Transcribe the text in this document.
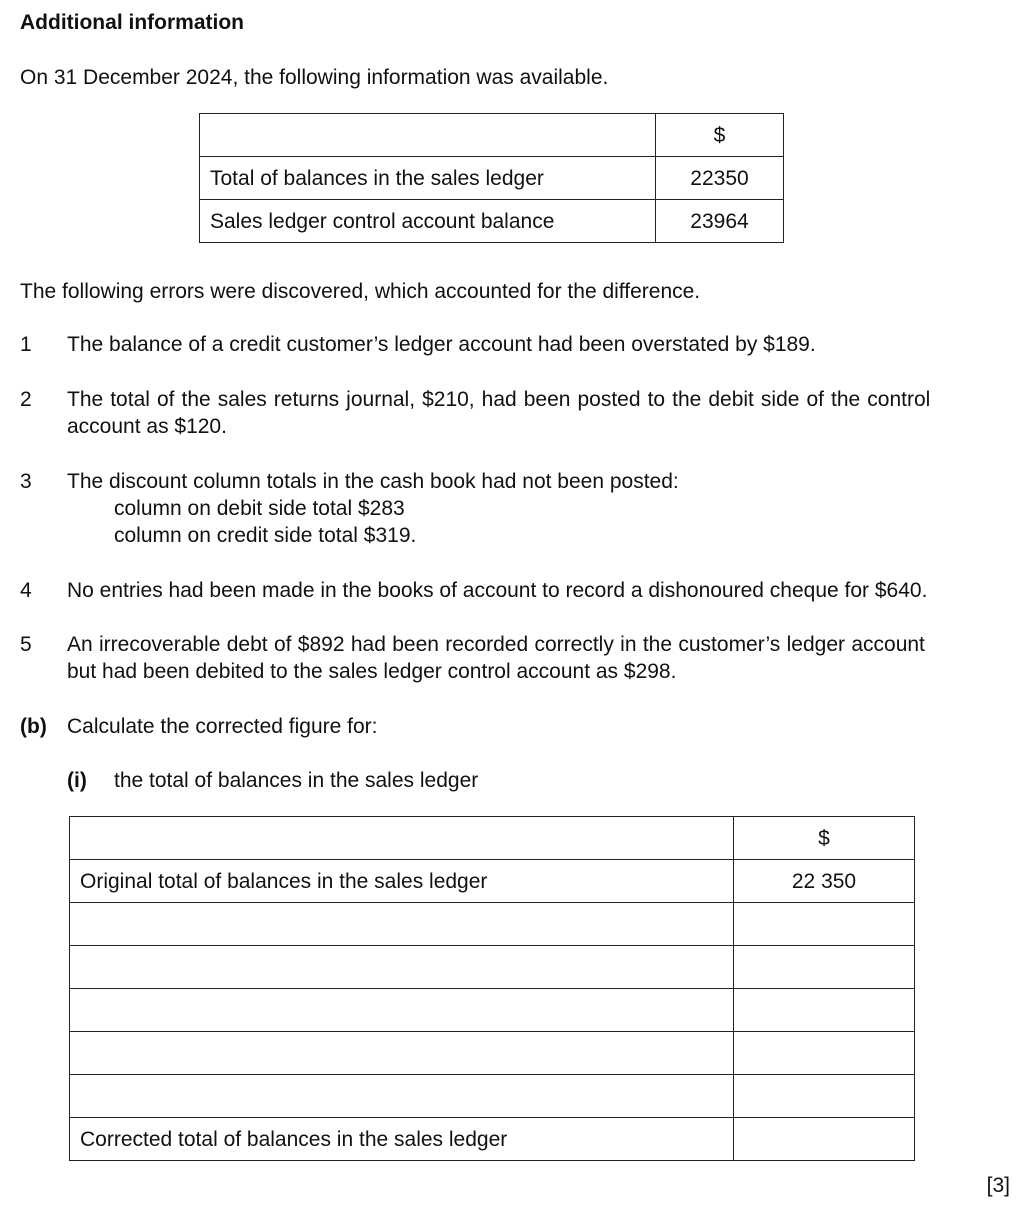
Additional information
On 31 December 2024, the following information was available.
	$
Total of balances in the sales ledger	22350
Sales ledger control account balance	23964
The following errors were discovered, which accounted for the difference.
1 The balance of a credit customer’s ledger account had been overstated by $189.
2 The total of the sales returns journal, $210, had been posted to the debit side of the control
account as $120.
3 The discount column totals in the cash book had not been posted:
column on debit side total $283
column on credit side total $319.
4 No entries had been made in the books of account to record a dishonoured cheque for $640.
5 An irrecoverable debt of $892 had been recorded correctly in the customer’s ledger account
but had been debited to the sales ledger control account as $298.
(b) Calculate the corrected figure for:
(i) the total of balances in the sales ledger
	$
Original total of balances in the sales ledger	22 350

Corrected total of balances in the sales ledger	
[3]
